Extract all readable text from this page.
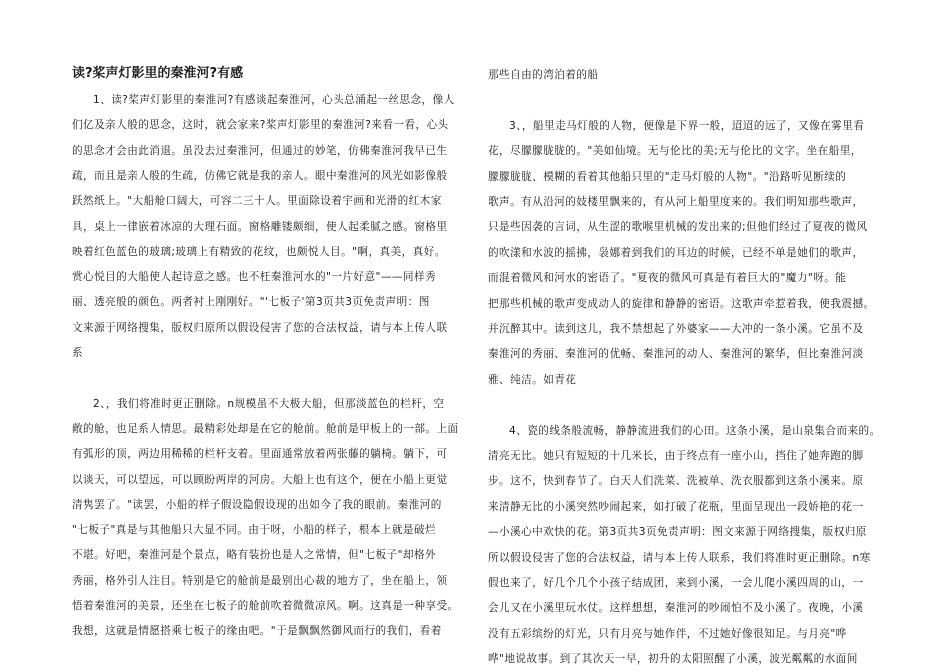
读?桨声灯影里的秦淮河?有感
1、读?桨声灯影里的秦淮河?有感谈起秦淮河，心头总涌起一丝思念，像人
们亿及亲人般的思念，这时，就会家来?桨声灯影里的秦淮河?来看一看，心头
的思念才会由此消退。虽没去过秦淮河，但通过的妙笔，仿佛秦淮河我早已生
疏，而且是亲人般的生疏，仿佛它就是我的亲人。眼中秦淮河的风光如影像般
跃然纸上。"大船舱口阔大，可容二三十人。里面除设着宇画和光滑的红木家
具，桌上一律嵌着冰凉的大理石面。窗格雕镂颇细，使人起柔腻之感。窗格里
映着红色蓝色的玻璃;玻璃上有精致的花纹，也颇悦人目。"啊，真美，真好。
赏心悦目的大船使人起诗意之感。也不枉秦淮河水的"一片好意"——同样秀
丽、透亮般的颜色。两者衬上刚刚好。"'七板子'第3页共3页免责声明：图
文来源于网络搜集，版权归原所以假设侵害了您的合法权益，请与本上传人联
系
2、，我们将准时更正删除。n规模虽不大极大船，但那淡蓝色的栏杆，空
敞的舱，也足系人情思。最精彩处却是在它的舱前。舱前是甲板上的一部。上面
有弧形的顶，两边用稀稀的栏杆支着。里面通常放着两张藤的躺椅。躺下，可
以谈天，可以望远，可以顾盼两岸的河房。大船上也有这个，便在小船上更觉
清隽罢了。"读罢，小船的样子假设隐假设现的出如今了我的眼前。秦淮河的
"七板子"真是与其他船只大显不同。由于呀，小船的样子，根本上就是破烂
不堪。好吧，秦淮河是个景点，略有装扮也是人之常情，但"七板子"却格外
秀丽，格外引人注目。特别是它的舱前是最别出心裁的地方了，坐在船上，领
悟着秦淮河的美景，还坐在七板子的舱前吹着微微凉风。啊。这真是一种享受。
我想，这就是情愿搭乘七板子的缘由吧。"于是飘飘然御风而行的我们，看着
那些自由的湾泊着的船
3、，船里走马灯般的人物，便像是下界一般，迢迢的远了，又像在雾里看
花，尽朦朦胧胧的。"美如仙境。无与伦比的美;无与伦比的文字。坐在船里，
朦朦胧胧、模糊的看着其他船只里的"走马灯般的人物"。"沿路听见断续的
歌声。有从沿河的妓楼里飘来的，有从河上船里度来的。我们明知那些歌声，
只是些因袭的言词，从生涩的歌喉里机械的发出来的;但他们经过了夏夜的微风
的吹漾和水波的摇拂，袅娜着到我们的耳边的时候，已经不单是她们的歌声，
而混着微风和河水的密语了。"夏夜的微风可真是有着巨大的"魔力"呀。能
把那些机械的歌声变成动人的旋律和静静的密语。这歌声牵惹着我，使我震撼。
并沉醉其中。读到这儿，我不禁想起了外婆家——大冲的一条小溪。它虽不及
秦淮河的秀丽、秦淮河的优畅、秦淮河的动人、秦淮河的繁华，但比秦淮河淡
雅、纯洁。如青花
4、瓷的线条般流畅，静静流进我们的心田。这条小溪，是山泉集合而来的。
清亮无比。她只有短短的十几米长，由于终点有一座小山，挡住了她奔跑的脚
步。这不，快到春节了。白天人们洗菜、洗被单、洗衣服都到这条小溪来。原
来清静无比的小溪突然吵闹起来，如打破了花瓶，里面呈现出一段娇艳的花一
—小溪心中欢快的花。第3页共3页免责声明：图文来源于网络搜集，版权归原
所以假设侵害了您的合法权益，请与本上传人联系，我们将准时更正删除。n寒
假也来了，好几个几个小孩子结成团，来到小溪，一会儿爬小溪四周的山，一
会儿又在小溪里玩水仗。这样想想，秦淮河的吵闹怕不及小溪了。夜晚，小溪
没有五彩缤纷的灯光，只有月亮与她作伴，不过她好像很知足。与月亮"哗
哗"地说故事。到了其次天一早，初升的太阳照醒了小溪，波光粼粼的水面间
